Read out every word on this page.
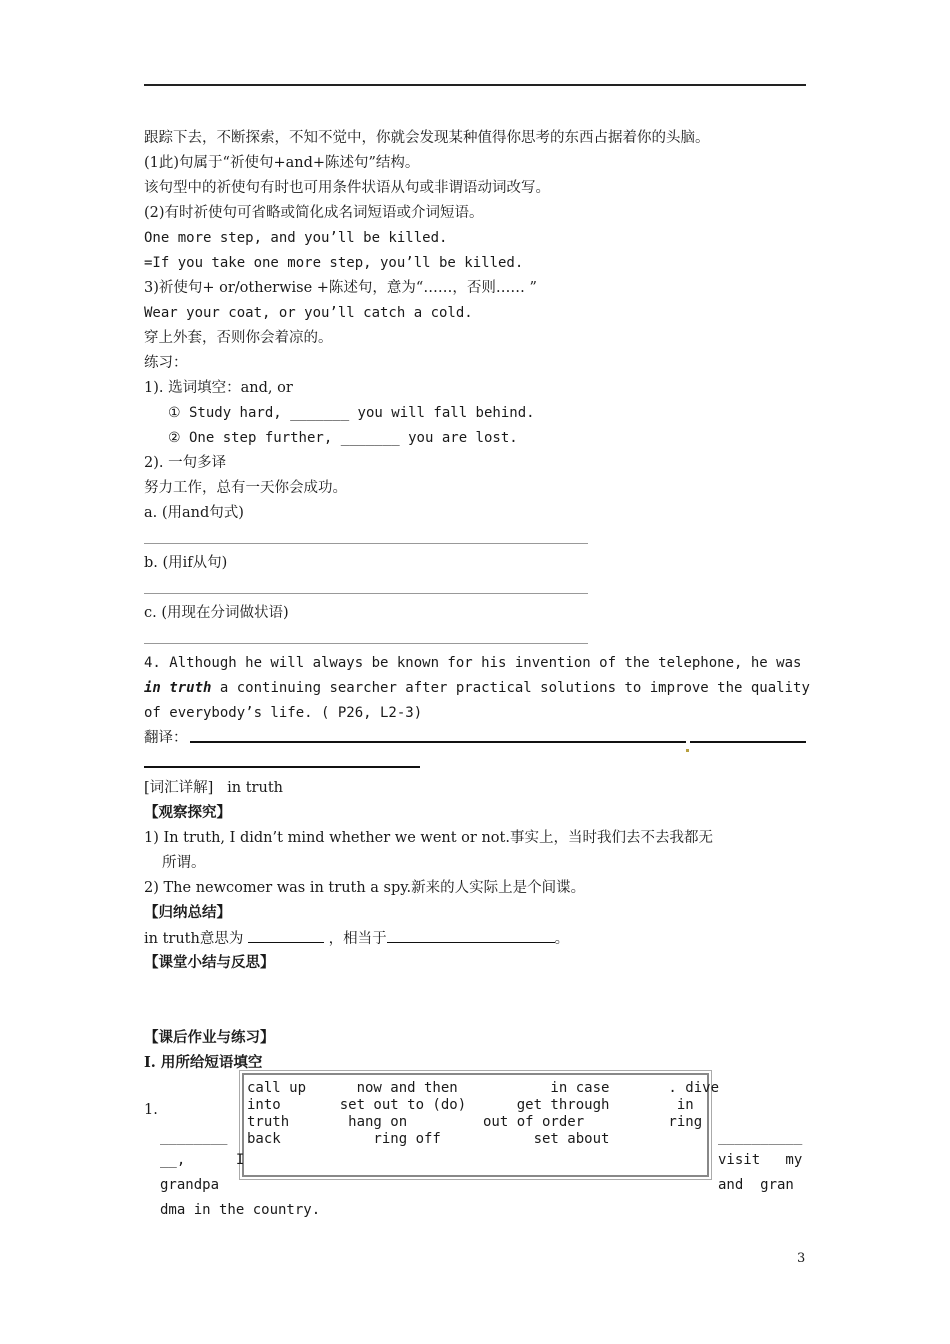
跟踪下去，不断探索，不知不觉中，你就会发现某种值得你思考的东西占据着你的头脑。
(1此)句属于“祈使句+and+陈述句”结构。
该句型中的祈使句有时也可用条件状语从句或非谓语动词改写。
(2)有时祈使句可省略或简化成名词短语或介词短语。
One more step, and you’ll be killed.
=If you take one more step, you’ll be killed.
3)祈使句+ or/otherwise +陈述句，意为“……，否则…… ”
Wear your coat, or you’ll catch a cold.
穿上外套，否则你会着凉的。
练习：
1). 选词填空：and, or
① Study hard, _______ you will fall behind.
② One step further, _______ you are lost.
2). 一句多译
努力工作，总有一天你会成功。
a. (用and句式)
b. (用if从句)
c. (用现在分词做状语)
4. Although he will always be known for his invention of the telephone, he was
in truth a continuing searcher after practical solutions to improve the quality
of everybody’s life. ( P26, L2-3)
翻译：
[词汇详解]   in truth
【观察探究】
1) In truth, I didn’t mind whether we went or not.事实上，当时我们去不去我都无
所谓。
2) The newcomer was in truth a spy.新来的人实际上是个间谍。
【归纳总结】
in truth意思为	，相当于	。
【课堂小结与反思】
【课后作业与练习】
I. 用所给短语填空
1.
call up      now and then           in case       . dive
into       set out to (do)      get through        in
truth       hang on         out of order          ring
back           ring off           set about
________
__,      I
grandpa
dma in the country.
__________
visit   my
and  gran
3
